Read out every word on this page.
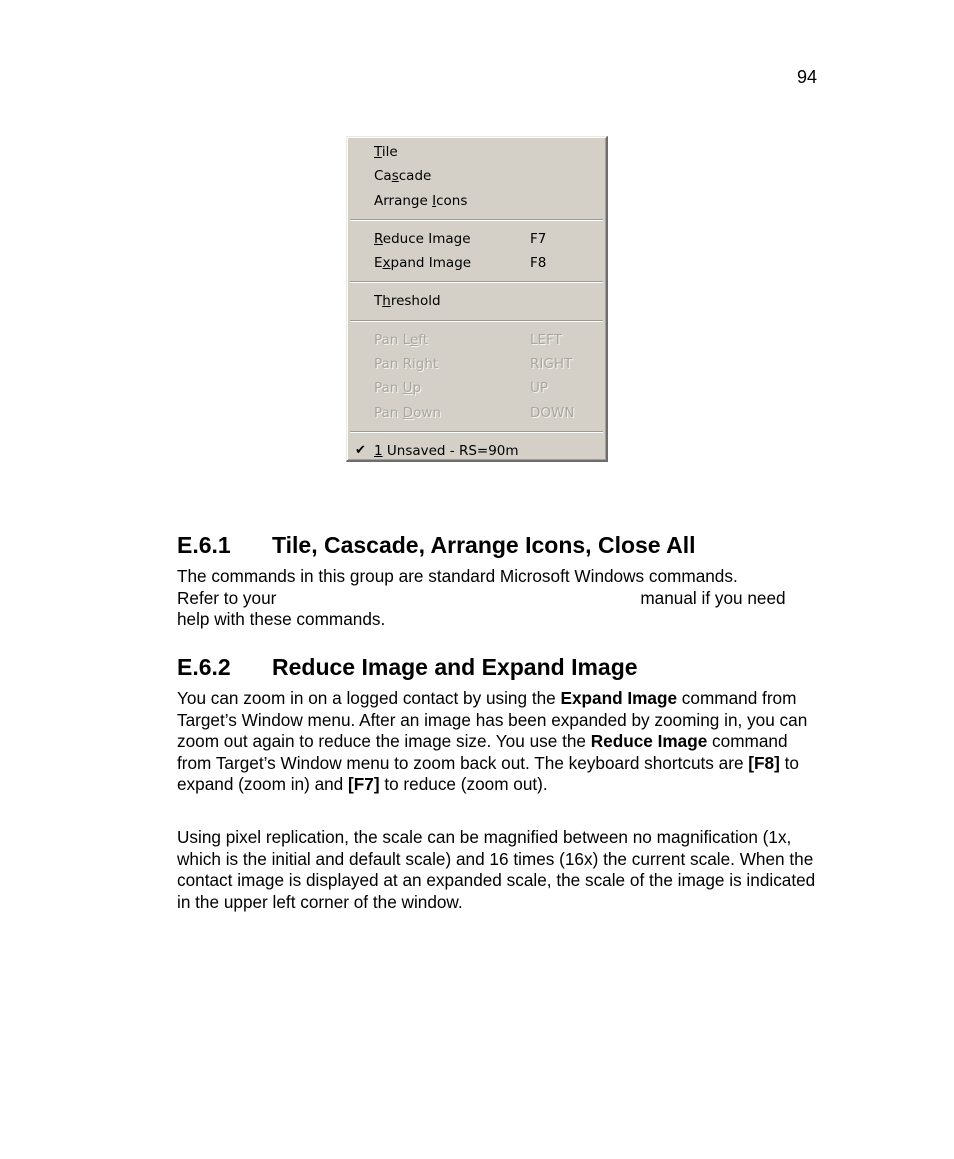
94
Tile
Cascade
Arrange Icons
Reduce Image	F7
Expand Image	F8
Threshold
Pan Left	LEFT
Pan Right	RIGHT
Pan Up	UP
Pan Down	DOWN
✔ 1 Unsaved - RS=90m
E.6.1	Tile, Cascade, Arrange Icons, Close All

The commands in this group are standard Microsoft Windows commands.
Refer to your	manual if you need
help with these commands.

E.6.2	Reduce Image and Expand Image

You can zoom in on a logged contact by using the Expand Image command from Target’s Window menu. After an image has been expanded by zooming in, you can zoom out again to reduce the image size. You use the Reduce Image command from Target’s Window menu to zoom back out. The keyboard shortcuts are [F8] to expand (zoom in) and [F7] to reduce (zoom out).

Using pixel replication, the scale can be magnified between no magnification (1x, which is the initial and default scale) and 16 times (16x) the current scale. When the contact image is displayed at an expanded scale, the scale of the image is indicated in the upper left corner of the window.
